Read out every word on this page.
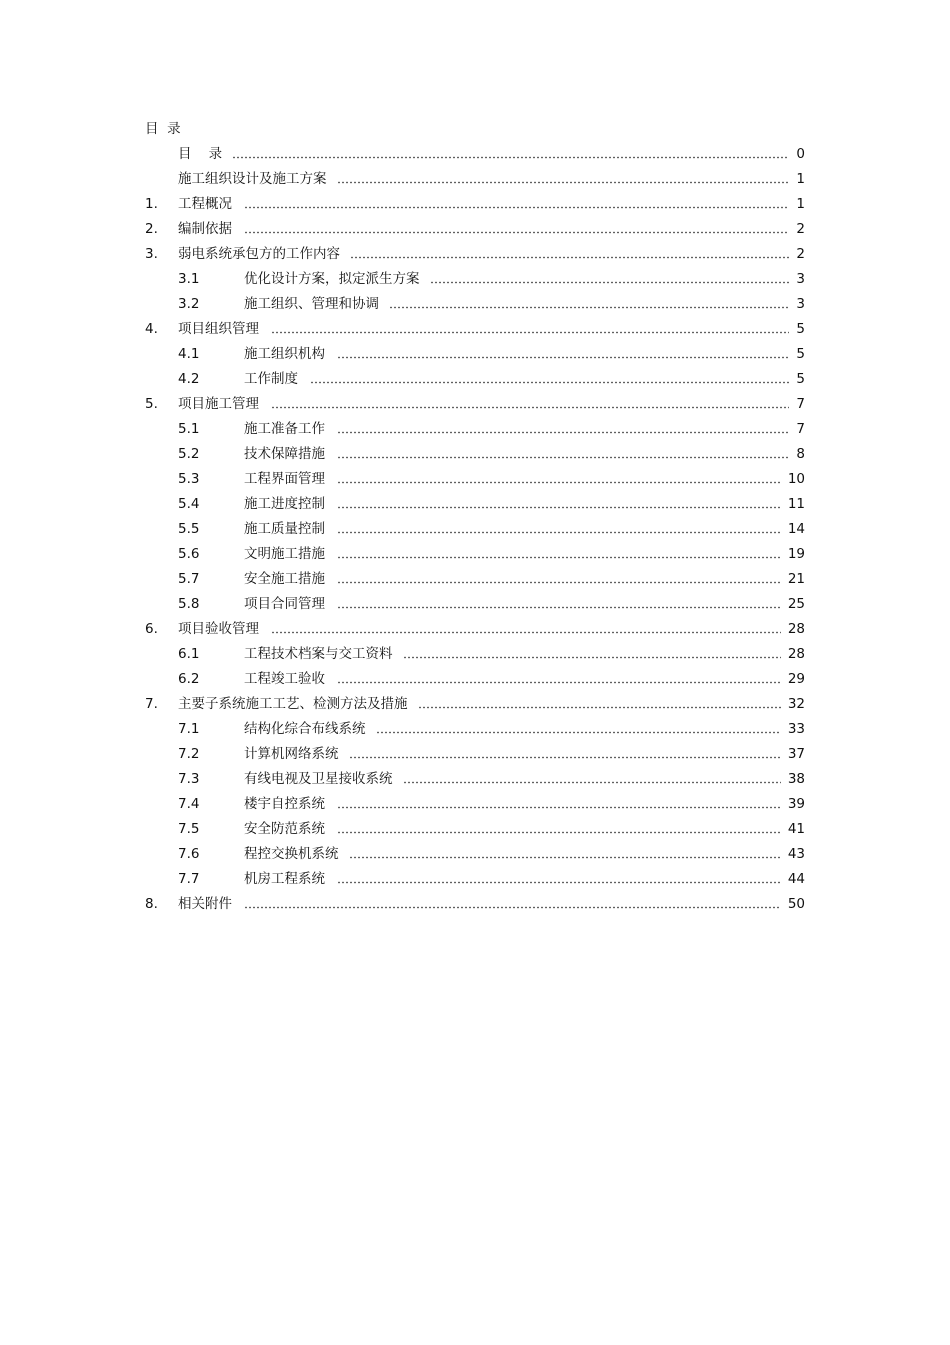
目  录
目    录	0
施工组织设计及施工方案	1
1. 工程概况	1
2. 编制依据	2
3. 弱电系统承包方的工作内容	2
3.1	优化设计方案，拟定派生方案	3
3.2	施工组织、管理和协调	3
4. 项目组织管理	5
4.1	施工组织机构	5
4.2	工作制度	5
5. 项目施工管理	7
5.1	施工准备工作	7
5.2	技术保障措施	8
5.3	工程界面管理	10
5.4	施工进度控制	11
5.5	施工质量控制	14
5.6	文明施工措施	19
5.7	安全施工措施	21
5.8	项目合同管理	25
6. 项目验收管理	28
6.1	工程技术档案与交工资料	28
6.2	工程竣工验收	29
7. 主要子系统施工工艺、检测方法及措施	32
7.1	结构化综合布线系统	33
7.2	计算机网络系统	37
7.3	有线电视及卫星接收系统	38
7.4	楼宇自控系统	39
7.5	安全防范系统	41
7.6	程控交换机系统	43
7.7	机房工程系统	44
8. 相关附件	50
